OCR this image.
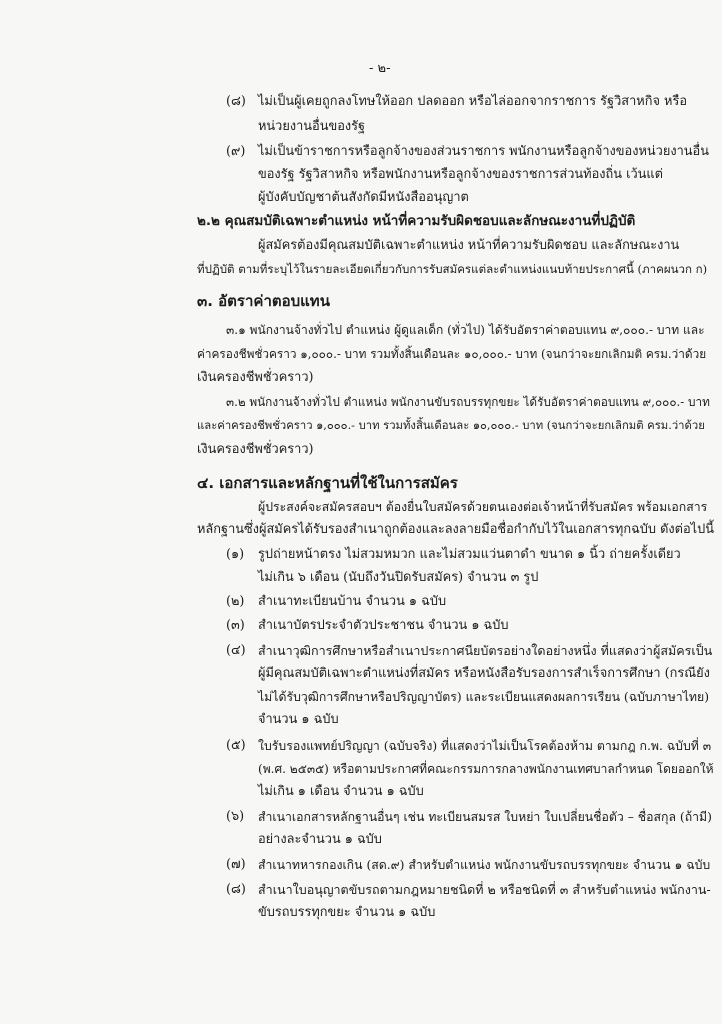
- ๒-

(๘) ไม่เป็นผู้เคยถูกลงโทษให้ออก ปลดออก หรือไล่ออกจากราชการ รัฐวิสาหกิจ หรือ

หน่วยงานอื่นของรัฐ

(๙) ไม่เป็นข้าราชการหรือลูกจ้างของส่วนราชการ พนักงานหรือลูกจ้างของหน่วยงานอื่น

ของรัฐ รัฐวิสาหกิจ หรือพนักงานหรือลูกจ้างของราชการส่วนท้องถิ่น เว้นแต่

ผู้บังคับบัญชาต้นสังกัดมีหนังสืออนุญาต

๒.๒ คุณสมบัติเฉพาะตำแหน่ง หน้าที่ความรับผิดชอบและลักษณะงานที่ปฏิบัติ

ผู้สมัครต้องมีคุณสมบัติเฉพาะตำแหน่ง หน้าที่ความรับผิดชอบ และลักษณะงาน

ที่ปฏิบัติ ตามที่ระบุไว้ในรายละเอียดเกี่ยวกับการรับสมัครแต่ละตำแหน่งแนบท้ายประกาศนี้ (ภาคผนวก ก)

๓. อัตราค่าตอบแทน

๓.๑ พนักงานจ้างทั่วไป ตำแหน่ง ผู้ดูแลเด็ก (ทั่วไป) ได้รับอัตราค่าตอบแทน ๙,๐๐๐.- บาท และ

ค่าครองชีพชั่วคราว ๑,๐๐๐.- บาท รวมทั้งสิ้นเดือนละ ๑๐,๐๐๐.- บาท (จนกว่าจะยกเลิกมติ ครม.ว่าด้วย

เงินครองชีพชั่วคราว)

๓.๒ พนักงานจ้างทั่วไป ตำแหน่ง พนักงานขับรถบรรทุกขยะ ได้รับอัตราค่าตอบแทน ๙,๐๐๐.- บาท

และค่าครองชีพชั่วคราว ๑,๐๐๐.- บาท รวมทั้งสิ้นเดือนละ ๑๐,๐๐๐.- บาท (จนกว่าจะยกเลิกมติ ครม.ว่าด้วย

เงินครองชีพชั่วคราว)

๔. เอกสารและหลักฐานที่ใช้ในการสมัคร

ผู้ประสงค์จะสมัครสอบฯ ต้องยื่นใบสมัครด้วยตนเองต่อเจ้าหน้าที่รับสมัคร พร้อมเอกสาร

หลักฐานซึ่งผู้สมัครได้รับรองสำเนาถูกต้องและลงลายมือชื่อกำกับไว้ในเอกสารทุกฉบับ ดังต่อไปนี้

(๑) รูปถ่ายหน้าตรง ไม่สวมหมวก และไม่สวมแว่นตาดำ ขนาด ๑ นิ้ว ถ่ายครั้งเดียว

ไม่เกิน ๖ เดือน (นับถึงวันปิดรับสมัคร) จำนวน ๓ รูป

(๒) สำเนาทะเบียนบ้าน จำนวน ๑ ฉบับ

(๓) สำเนาบัตรประจำตัวประชาชน จำนวน ๑ ฉบับ

(๔) สำเนาวุฒิการศึกษาหรือสำเนาประกาศนียบัตรอย่างใดอย่างหนึ่ง ที่แสดงว่าผู้สมัครเป็น

ผู้มีคุณสมบัติเฉพาะตำแหน่งที่สมัคร หรือหนังสือรับรองการสำเร็จการศึกษา (กรณียัง

ไม่ได้รับวุฒิการศึกษาหรือปริญญาบัตร) และระเบียนแสดงผลการเรียน (ฉบับภาษาไทย)

จำนวน ๑ ฉบับ

(๕) ใบรับรองแพทย์ปริญญา (ฉบับจริง) ที่แสดงว่าไม่เป็นโรคต้องห้าม ตามกฎ ก.พ. ฉบับที่ ๓

(พ.ศ. ๒๕๓๕) หรือตามประกาศที่คณะกรรมการกลางพนักงานเทศบาลกำหนด โดยออกให้

ไม่เกิน ๑ เดือน จำนวน ๑ ฉบับ

(๖) สำเนาเอกสารหลักฐานอื่นๆ เช่น ทะเบียนสมรส ใบหย่า ใบเปลี่ยนชื่อตัว – ชื่อสกุล (ถ้ามี)

อย่างละจำนวน ๑ ฉบับ

(๗) สำเนาทหารกองเกิน (สด.๙) สำหรับตำแหน่ง พนักงานขับรถบรรทุกขยะ จำนวน ๑ ฉบับ

(๘) สำเนาใบอนุญาตขับรถตามกฎหมายชนิดที่ ๒ หรือชนิดที่ ๓ สำหรับตำแหน่ง พนักงาน-

ขับรถบรรทุกขยะ จำนวน ๑ ฉบับ
